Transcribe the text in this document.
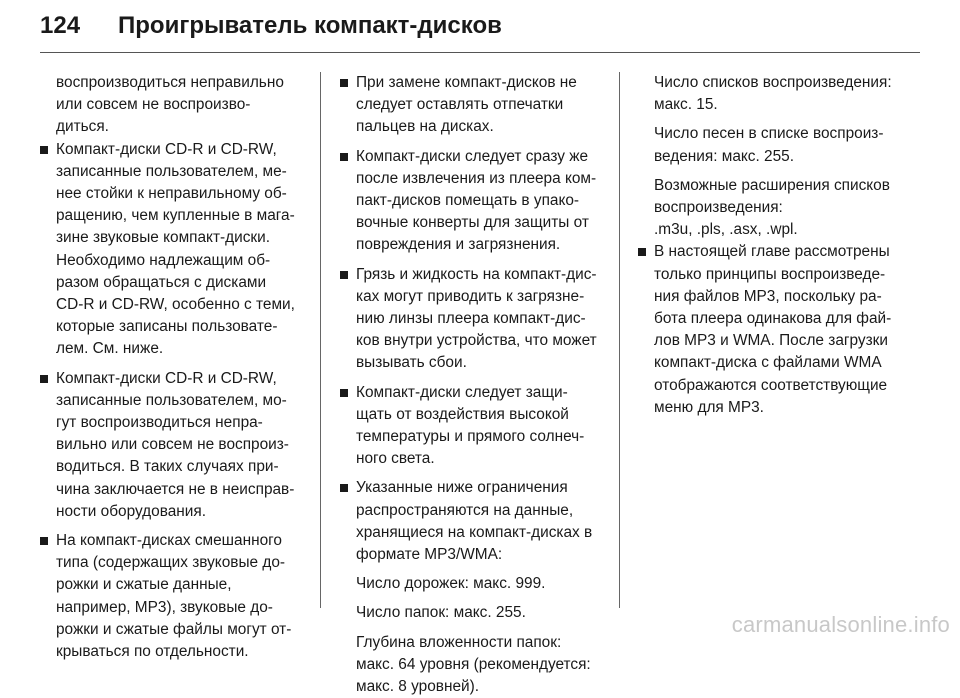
124	Проигрыватель компакт-дисков

воспроизводиться неправильно
или совсем не воспроизво-
диться.

Компакт-диски CD-R и CD-RW,
записанные пользователем, ме-
нее стойки к неправильному об-
ращению, чем купленные в мага-
зине звуковые компакт-диски.
Необходимо надлежащим об-
разом обращаться с дисками
CD-R и CD-RW, особенно с теми,
которые записаны пользовате-
лем. См. ниже.

Компакт-диски CD-R и CD-RW,
записанные пользователем, мо-
гут воспроизводиться непра-
вильно или совсем не воспроиз-
водиться. В таких случаях при-
чина заключается не в неисправ-
ности оборудования.

На компакт-дисках смешанного
типа (содержащих звуковые до-
рожки и сжатые данные,
например, MP3), звуковые до-
рожки и сжатые файлы могут от-
крываться по отдельности.

При замене компакт-дисков не
следует оставлять отпечатки
пальцев на дисках.

Компакт-диски следует сразу же
после извлечения из плеера ком-
пакт-дисков помещать в упако-
вочные конверты для защиты от
повреждения и загрязнения.

Грязь и жидкость на компакт-дис-
ках могут приводить к загрязне-
нию линзы плеера компакт-дис-
ков внутри устройства, что может
вызывать сбои.

Компакт-диски следует защи-
щать от воздействия высокой
температуры и прямого солнеч-
ного света.

Указанные ниже ограничения
распространяются на данные,
хранящиеся на компакт-дисках в
формате MP3/WMA:

Число дорожек: макс. 999.

Число папок: макс. 255.

Глубина вложенности папок:
макс. 64 уровня (рекомендуется:
макс. 8 уровней).

Число списков воспроизведения:
макс. 15.

Число песен в списке воспроиз-
ведения: макс. 255.

Возможные расширения списков
воспроизведения:
.m3u, .pls, .asx, .wpl.

В настоящей главе рассмотрены
только принципы воспроизведе-
ния файлов MP3, поскольку ра-
бота плеера одинакова для фай-
лов MP3 и WMA. После загрузки
компакт-диска с файлами WMA
отображаются соответствующие
меню для MP3.

carmanualsonline.info
